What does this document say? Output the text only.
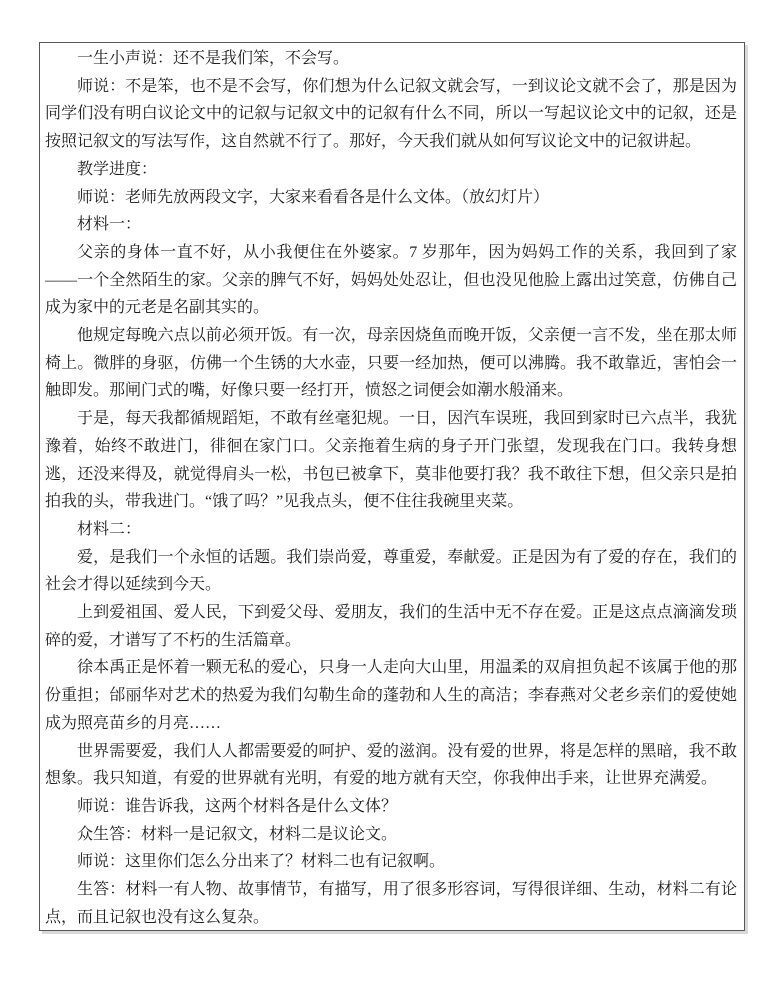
一生小声说：还不是我们笨，不会写。

师说：不是笨，也不是不会写，你们想为什么记叙文就会写，一到议论文就不会了，那是因为同学们没有明白议论文中的记叙与记叙文中的记叙有什么不同，所以一写起议论文中的记叙，还是按照记叙文的写法写作，这自然就不行了。那好，今天我们就从如何写议论文中的记叙讲起。

教学进度：

师说：老师先放两段文字，大家来看看各是什么文体。（放幻灯片）

材料一：

父亲的身体一直不好，从小我便住在外婆家。7 岁那年，因为妈妈工作的关系，我回到了家——一个全然陌生的家。父亲的脾气不好，妈妈处处忍让，但也没见他脸上露出过笑意，仿佛自己成为家中的元老是名副其实的。

他规定每晚六点以前必须开饭。有一次，母亲因烧鱼而晚开饭，父亲便一言不发，坐在那太师椅上。微胖的身驱，仿佛一个生锈的大水壶，只要一经加热，便可以沸腾。我不敢靠近，害怕会一触即发。那闸门式的嘴，好像只要一经打开，愤怒之词便会如潮水般涌来。

于是，每天我都循规蹈矩，不敢有丝毫犯规。一日，因汽车误班，我回到家时已六点半，我犹豫着，始终不敢进门，徘徊在家门口。父亲拖着生病的身子开门张望，发现我在门口。我转身想逃，还没来得及，就觉得肩头一松，书包已被拿下，莫非他要打我？我不敢往下想，但父亲只是拍拍我的头，带我进门。“饿了吗？”见我点头，便不住往我碗里夹菜。

材料二：

爱，是我们一个永恒的话题。我们崇尚爱，尊重爱，奉献爱。正是因为有了爱的存在，我们的社会才得以延续到今天。

上到爱祖国、爱人民，下到爱父母、爱朋友，我们的生活中无不存在爱。正是这点点滴滴发琐碎的爱，才谱写了不朽的生活篇章。

徐本禹正是怀着一颗无私的爱心，只身一人走向大山里，用温柔的双肩担负起不该属于他的那份重担；邰丽华对艺术的热爱为我们勾勒生命的蓬勃和人生的高洁；李春燕对父老乡亲们的爱使她成为照亮苗乡的月亮……

世界需要爱，我们人人都需要爱的呵护、爱的滋润。没有爱的世界，将是怎样的黑暗，我不敢想象。我只知道，有爱的世界就有光明，有爱的地方就有天空，你我伸出手来，让世界充满爱。

师说：谁告诉我，这两个材料各是什么文体？

众生答：材料一是记叙文，材料二是议论文。

师说：这里你们怎么分出来了？材料二也有记叙啊。

生答：材料一有人物、故事情节，有描写，用了很多形容词，写得很详细、生动，材料二有论点，而且记叙也没有这么复杂。
